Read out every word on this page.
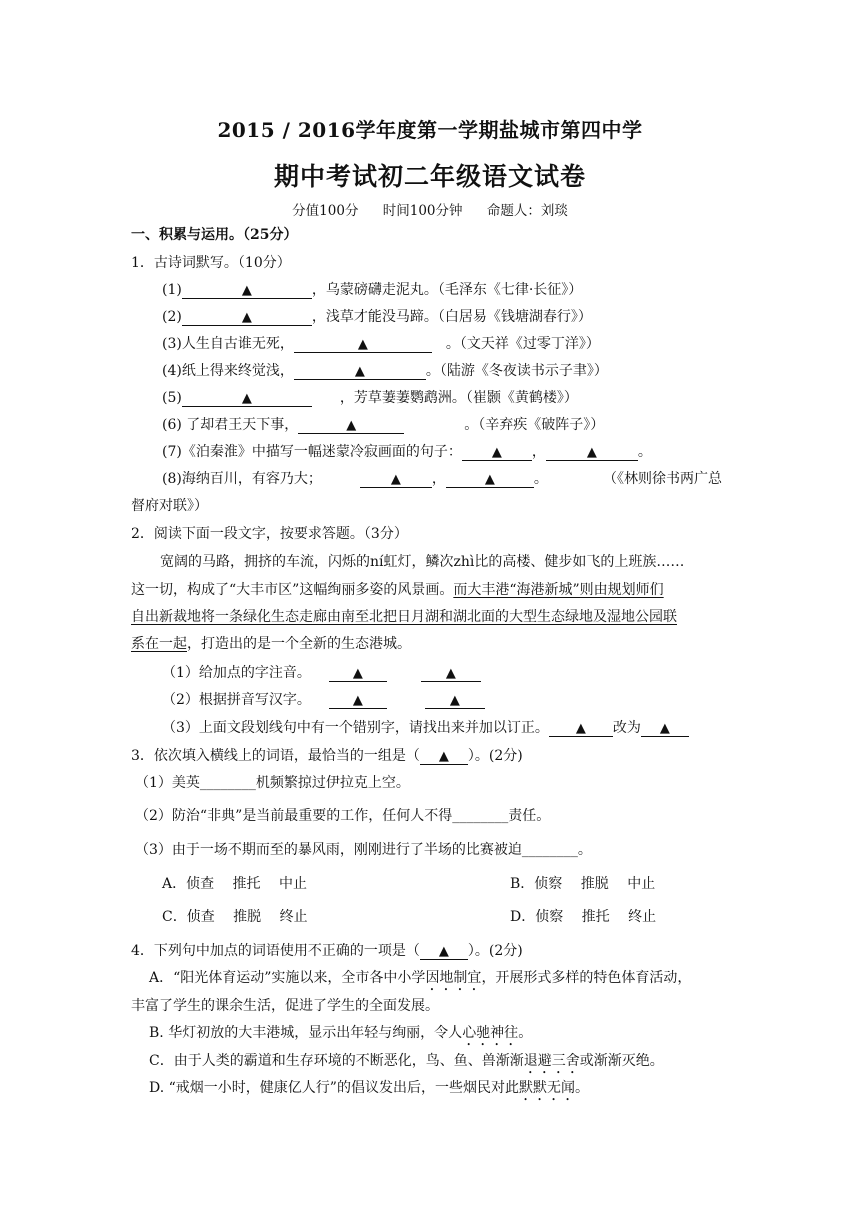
2015 / 2016学年度第一学期盐城市第四中学
期中考试初二年级语文试卷
分值100分 时间100分钟 命题人：刘琰
一、积累与运用。（25分）
1．古诗词默写。（10分）
(1)	▲	，乌蒙磅礴走泥丸。（毛泽东《七律·长征》）
(2)	▲	，浅草才能没马蹄。（白居易《钱塘湖春行》）
(3)人生自古谁无死，	▲	。（文天祥《过零丁洋》）
(4)纸上得来终觉浅，	▲	。（陆游《冬夜读书示子聿》）
(5)	▲	，芳草萋萋鹦鹉洲。（崔颢《黄鹤楼》）
(6) 了却君王天下事，	▲	。（辛弃疾《破阵子》）
(7)《泊秦淮》中描写一幅迷蒙冷寂画面的句子： ▲ ，	▲	。
(8)海纳百川，有容乃大；	▲ ，	▲	。	（《林则徐书两广总
督府对联》）
2．阅读下面一段文字，按要求答题。（3分）
宽阔的马路，拥挤的车流，闪烁的ní虹灯，鳞次zhì比的高楼、健步如飞的上班族……
这一切，构成了“大丰市区”这幅绚丽多姿的风景画。而大丰港“海港新城”则由规划师们
自出新裁地将一条绿化生态走廊由南至北把日月湖和湖北面的大型生态绿地及湿地公园联
系在一起，打造出的是一个全新的生态港城。
（1）给加点的字注音。	▲	▲
（2）根据拼音写汉字。	▲	▲
（3）上面文段划线句中有一个错别字，请找出来并加以订正。 ▲ 改为 ▲
3．依次填入横线上的词语，最恰当的一组是（ ▲ ）。(2分)
（1）美英________机频繁掠过伊拉克上空。
（2）防治“非典”是当前最重要的工作，任何人不得________责任。
（3）由于一场不期而至的暴风雨，刚刚进行了半场的比赛被迫________。
A．侦查　 推托　 中止	B．侦察　 推脱　 中止
C．侦查　 推脱　 终止	D．侦察　 推托　 终止
4．下列句中加点的词语使用不正确的一项是（ ▲ ）。(2分)
A．“阳光体育运动”实施以来，全市各中小学因地制宜，开展形式多样的特色体育活动，
丰富了学生的课余生活，促进了学生的全面发展。
B. 华灯初放的大丰港城，显示出年轻与绚丽，令人心驰神往。
C．由于人类的霸道和生存环境的不断恶化，鸟、鱼、兽渐渐退避三舍或渐渐灭绝。
D. “戒烟一小时，健康亿人行”的倡议发出后，一些烟民对此默默无闻。
